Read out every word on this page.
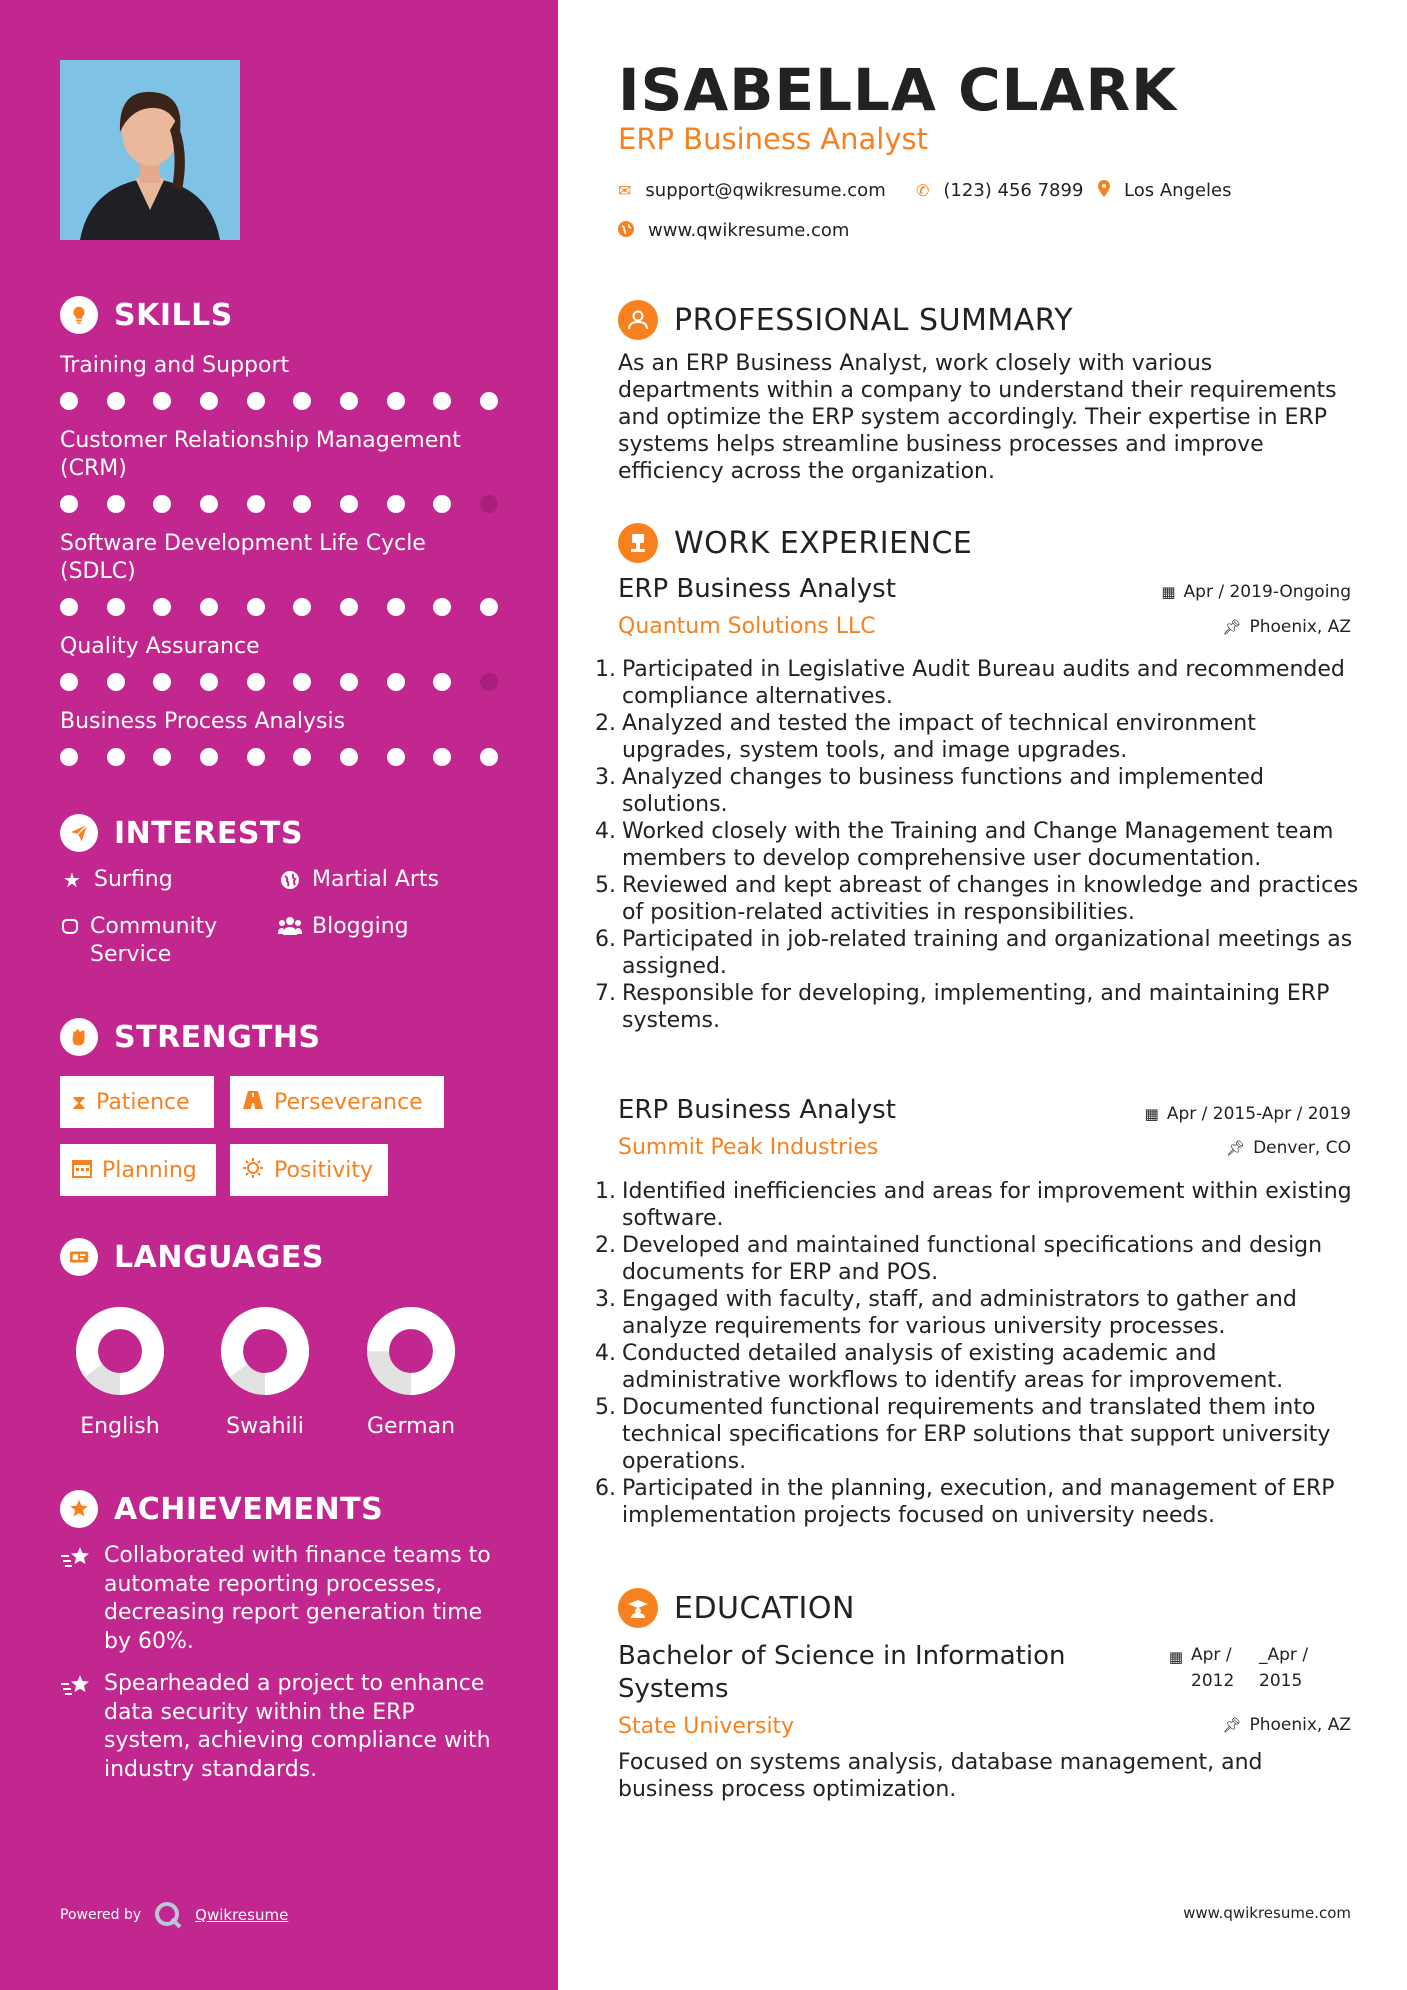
SKILLS
Training and Support
Customer Relationship Management (CRM)
Software Development Life Cycle (SDLC)
Quality Assurance
Business Process Analysis
INTERESTS
★ Surfing	Martial Arts
Community Service
Blogging
STRENGTHS
⧗ Patience	Perseverance
Planning	Positivity
LANGUAGES
English	Swahili	German
ACHIEVEMENTS
Collaborated with finance teams to automate reporting processes, decreasing report generation time by 60%.
Spearheaded a project to enhance data security within the ERP system, achieving compliance with industry standards.
Powered by	Qwikresume
ISABELLA CLARK
ERP Business Analyst
✉ support@qwikresume.com ✆ (123) 456 7899 Los Angeles
www.qwikresume.com
PROFESSIONAL SUMMARY
As an ERP Business Analyst, work closely with various departments within a company to understand their requirements and optimize the ERP system accordingly. Their expertise in ERP systems helps streamline business processes and improve efficiency across the organization.
WORK EXPERIENCE
ERP Business Analyst
Quantum Solutions LLC
▦ Apr / 2019-Ongoing
📌︎ Phoenix, AZ
1. Participated in Legislative Audit Bureau audits and recommended compliance alternatives.
2. Analyzed and tested the impact of technical environment upgrades, system tools, and image upgrades.
3. Analyzed changes to business functions and implemented solutions.
4. Worked closely with the Training and Change Management team members to develop comprehensive user documentation.
5. Reviewed and kept abreast of changes in knowledge and practices of position-related activities in responsibilities.
6. Participated in job-related training and organizational meetings as assigned.
7. Responsible for developing, implementing, and maintaining ERP systems.
ERP Business Analyst
Summit Peak Industries
▦ Apr / 2015-Apr / 2019
📌︎ Denver, CO
1. Identified inefficiencies and areas for improvement within existing software.
2. Developed and maintained functional specifications and design documents for ERP and POS.
3. Engaged with faculty, staff, and administrators to gather and analyze requirements for various university processes.
4. Conducted detailed analysis of existing academic and administrative workflows to identify areas for improvement.
5. Documented functional requirements and translated them into technical specifications for ERP solutions that support university operations.
6. Participated in the planning, execution, and management of ERP implementation projects focused on university needs.
EDUCATION
Bachelor of Science in Information Systems
State University
▦ Apr / 2012
_Apr / 2015
📌︎ Phoenix, AZ
Focused on systems analysis, database management, and business process optimization.
www.qwikresume.com
